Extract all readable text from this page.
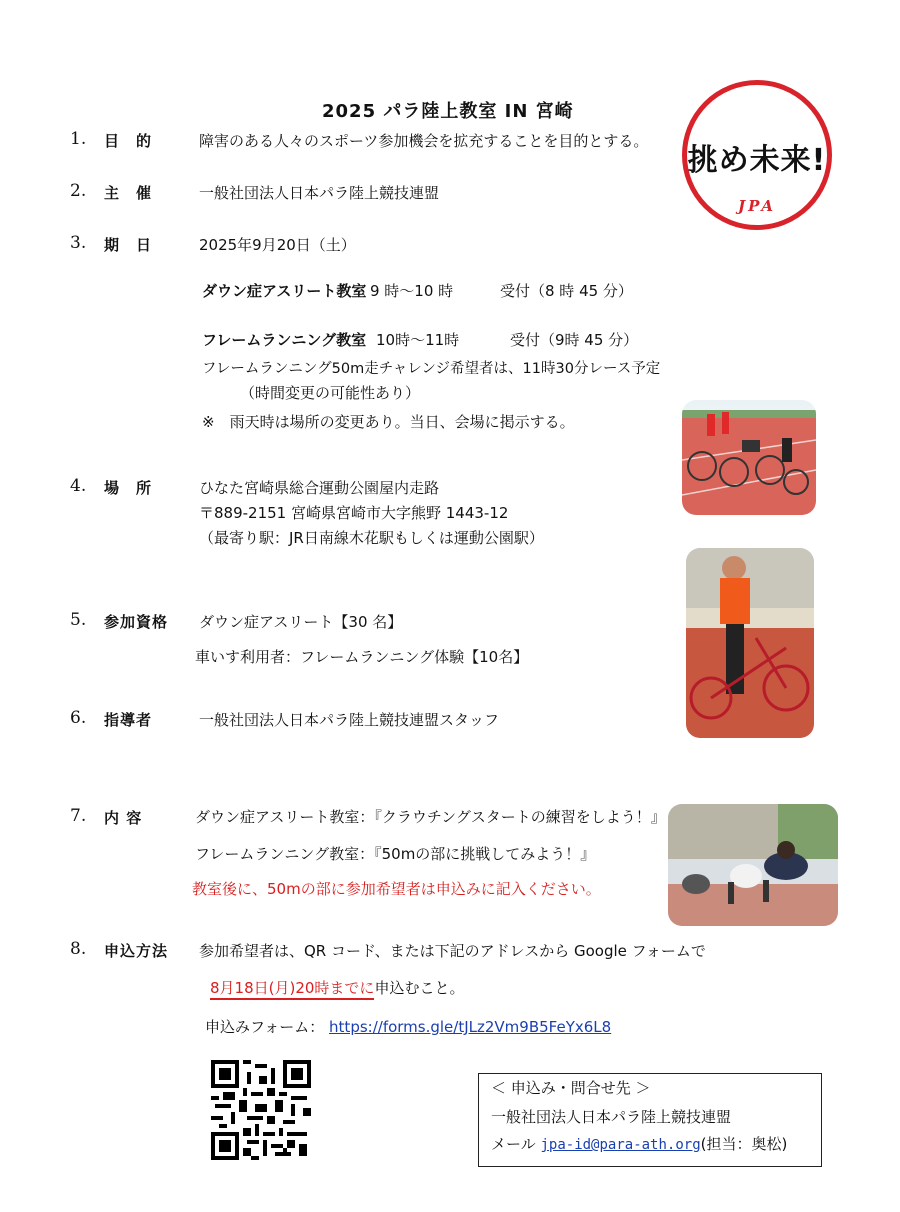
2025 パラ陸上教室 IN 宮崎
挑め未来!
JPA
1. 目　的	障害のある人々のスポーツ参加機会を拡充することを目的とする。
2. 主　催	一般社団法人日本パラ陸上競技連盟
3. 期　日	2025年9月20日（土）
ダウン症アスリート教室 9 時～10 時	受付（8 時 45 分）
フレームランニング教室 10時～11時	受付（9時 45 分）
フレームランニング50m走チャレンジ希望者は、11時30分レース予定
（時間変更の可能性あり）
※　雨天時は場所の変更あり。当日、会場に掲示する。
4. 場　所	ひなた宮崎県総合運動公園屋内走路
〒889-2151 宮崎県宮崎市大字熊野 1443-12
（最寄り駅：JR日南線木花駅もしくは運動公園駅）
5. 参加資格 ダウン症アスリート【30 名】
車いす利用者：フレームランニング体験【10名】
6. 指導者	一般社団法人日本パラ陸上競技連盟スタッフ
7. 内 容	ダウン症アスリート教室：『クラウチングスタートの練習をしよう！』
フレームランニング教室：『50mの部に挑戦してみよう！』
教室後に、50mの部に参加希望者は申込みに記入ください。
8. 申込方法 参加希望者は、QR コード、または下記のアドレスから Google フォームで
8月18日(月)20時までに申込むこと。
申込みフォーム： https://forms.gle/tJLz2Vm9B5FeYx6L8
＜ 申込み・問合せ先 ＞
一般社団法人日本パラ陸上競技連盟
メール jpa-id@para-ath.org(担当：奥松)
